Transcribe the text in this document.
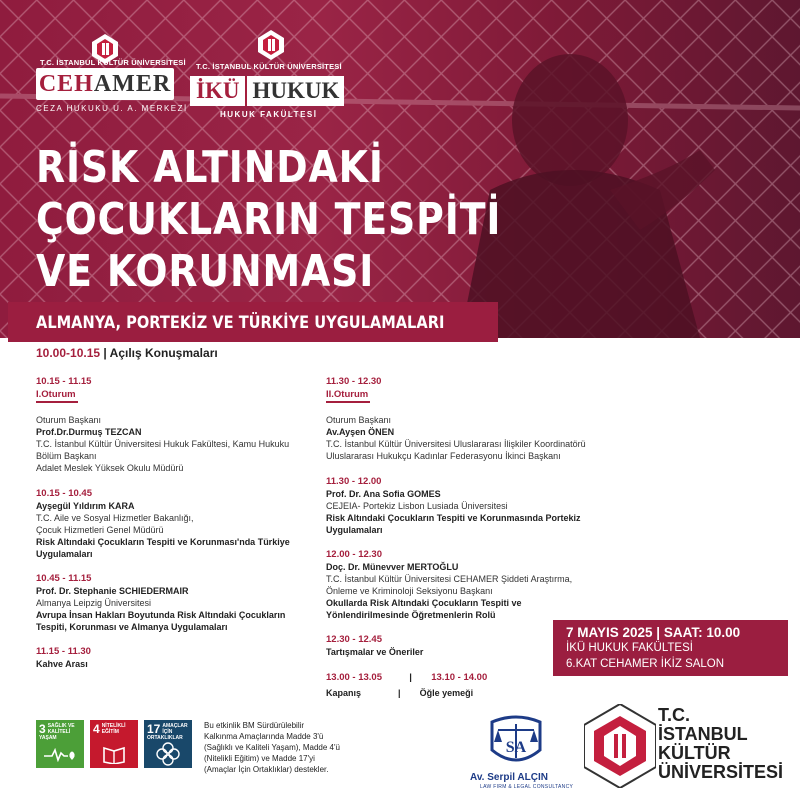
T.C. İSTANBUL KÜLTÜR ÜNİVERSİTESİ
CEH AMER
CEZA HUKUKU U. A. MERKEZİ
T.C. İSTANBUL KÜLTÜR ÜNİVERSİTESİ
İKÜ HUKUK
HUKUK FAKÜLTESİ
RİSK ALTINDAKİ
ÇOCUKLARIN TESPİTİ
VE KORUNMASI
ALMANYA, PORTEKİZ VE TÜRKİYE UYGULAMALARI
10.00-10.15 | Açılış Konuşmaları
10.15 - 11.15
I.Oturum
Oturum Başkanı
Prof.Dr.Durmuş TEZCAN
T.C. İstanbul Kültür Üniversitesi Hukuk Fakültesi, Kamu Hukuku
Bölüm Başkanı
Adalet Meslek Yüksek Okulu Müdürü
10.15 - 10.45
Ayşegül Yıldırım KARA
T.C. Aile ve Sosyal Hizmetler Bakanlığı,
Çocuk Hizmetleri Genel Müdürü
Risk Altındaki Çocukların Tespiti ve Korunması'nda Türkiye
Uygulamaları
10.45 - 11.15
Prof. Dr. Stephanie SCHIEDERMAIR
Almanya Leipzig Üniversitesi
Avrupa İnsan Hakları Boyutunda Risk Altındaki Çocukların
Tespiti, Korunması ve Almanya Uygulamaları
11.15 - 11.30
Kahve Arası
11.30 - 12.30
II.Oturum
Oturum Başkanı
Av.Ayşen ÖNEN
T.C. İstanbul Kültür Üniversitesi Uluslararası İlişkiler Koordinatörü
Uluslararası Hukukçu Kadınlar Federasyonu İkinci Başkanı
11.30 - 12.00
Prof. Dr. Ana Sofia GOMES
CEJEIA- Portekiz Lisbon Lusiada Üniversitesi
Risk Altındaki Çocukların Tespiti ve Korunmasında Portekiz
Uygulamaları
12.00 - 12.30
Doç. Dr. Münevver MERTOĞLU
T.C. İstanbul Kültür Üniversitesi CEHAMER Şiddeti Araştırma,
Önleme ve Kriminoloji Seksiyonu Başkanı
Okullarda Risk Altındaki Çocukların Tespiti ve
Yönlendirilmesinde Öğretmenlerin Rolü
12.30 - 12.45
Tartışmalar ve Öneriler
13.00 - 13.05	| 13.10 - 14.00
Kapanış	| Öğle yemeği
7 MAYIS 2025 | SAAT: 10.00
İKÜ HUKUK FAKÜLTESİ
6.KAT CEHAMER İKİZ SALON
3 SAĞLIK VE KALİTELİ YAŞAM
4 NİTELİKLİ EĞİTİM	17 AMAÇLAR İÇİN ORTAKLIKLAR
Bu etkinlik BM Sürdürülebilir
Kalkınma Amaçlarında Madde 3'ü
(Sağlıklı ve Kaliteli Yaşam), Madde 4'ü
(Nitelikli Eğitim) ve Madde 17'yi
(Amaçlar İçin Ortaklıklar) destekler.
SA
Av. Serpil ALÇIN
LAW FIRM & LEGAL CONSULTANCY
T.C.
İSTANBUL
KÜLTÜR
ÜNİVERSİTESİ
